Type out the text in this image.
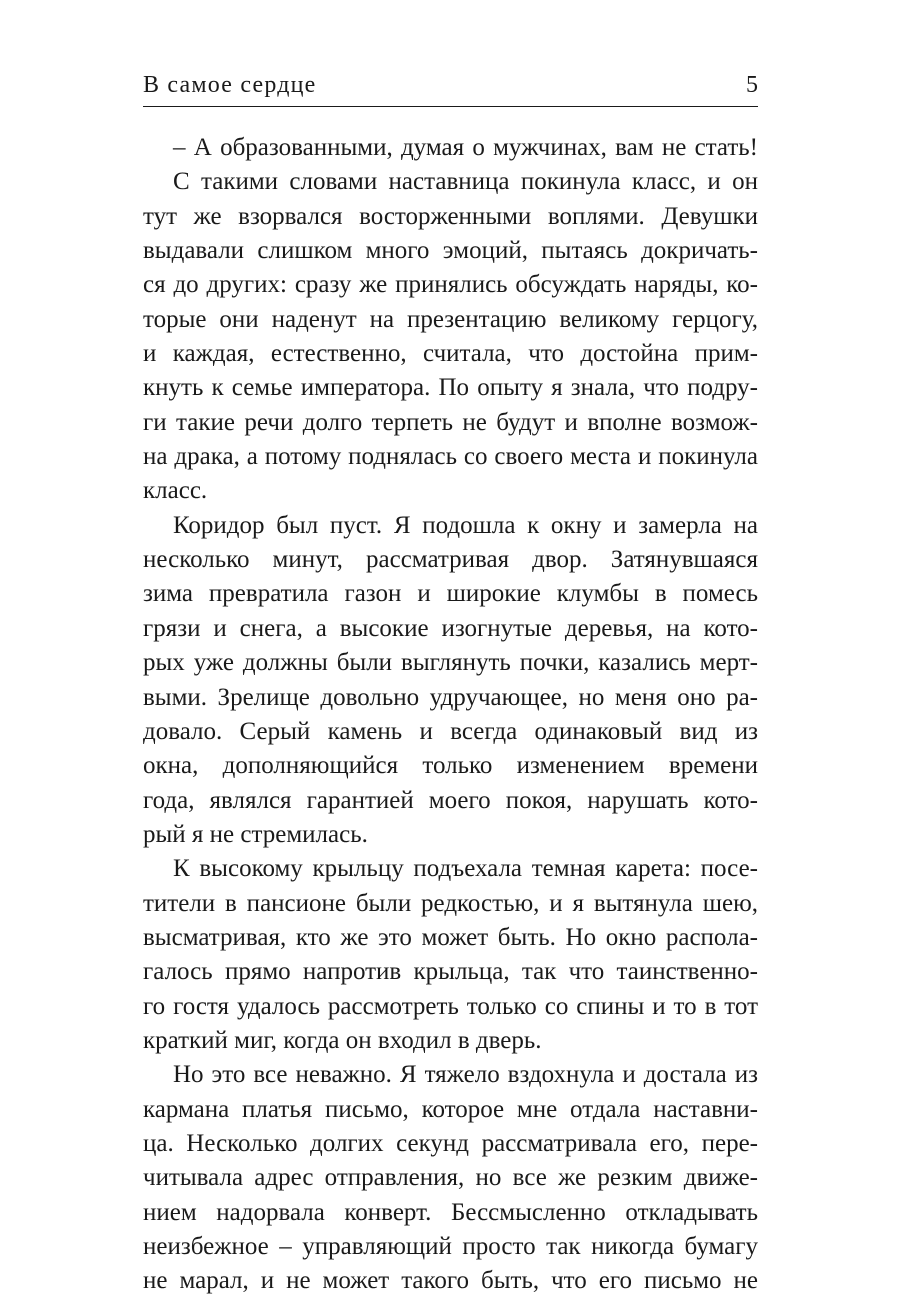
В самое сердце	5
– А образованными, думая о мужчинах, вам не стать!
С такими словами наставница покинула класс, и он
тут же взорвался восторженными воплями. Девушки
выдавали слишком много эмоций, пытаясь докричать-
ся до других: сразу же принялись обсуждать наряды, ко-
торые они наденут на презентацию великому герцогу,
и каждая, естественно, считала, что достойна прим-
кнуть к семье императора. По опыту я знала, что подру-
ги такие речи долго терпеть не будут и вполне возмож-
на драка, а потому поднялась со своего места и покинула
класс.
Коридор был пуст. Я подошла к окну и замерла на
несколько минут, рассматривая двор. Затянувшаяся
зима превратила газон и широкие клумбы в помесь
грязи и снега, а высокие изогнутые деревья, на кото-
рых уже должны были выглянуть почки, казались мерт-
выми. Зрелище довольно удручающее, но меня оно ра-
довало. Серый камень и всегда одинаковый вид из
окна, дополняющийся только изменением времени
года, являлся гарантией моего покоя, нарушать кото-
рый я не стремилась.
К высокому крыльцу подъехала темная карета: посе-
тители в пансионе были редкостью, и я вытянула шею,
высматривая, кто же это может быть. Но окно распола-
галось прямо напротив крыльца, так что таинственно-
го гостя удалось рассмотреть только со спины и то в тот
краткий миг, когда он входил в дверь.
Но это все неважно. Я тяжело вздохнула и достала из
кармана платья письмо, которое мне отдала наставни-
ца. Несколько долгих секунд рассматривала его, пере-
читывала адрес отправления, но все же резким движе-
нием надорвала конверт. Бессмысленно откладывать
неизбежное – управляющий просто так никогда бумагу
не марал, и не может такого быть, что его письмо не
